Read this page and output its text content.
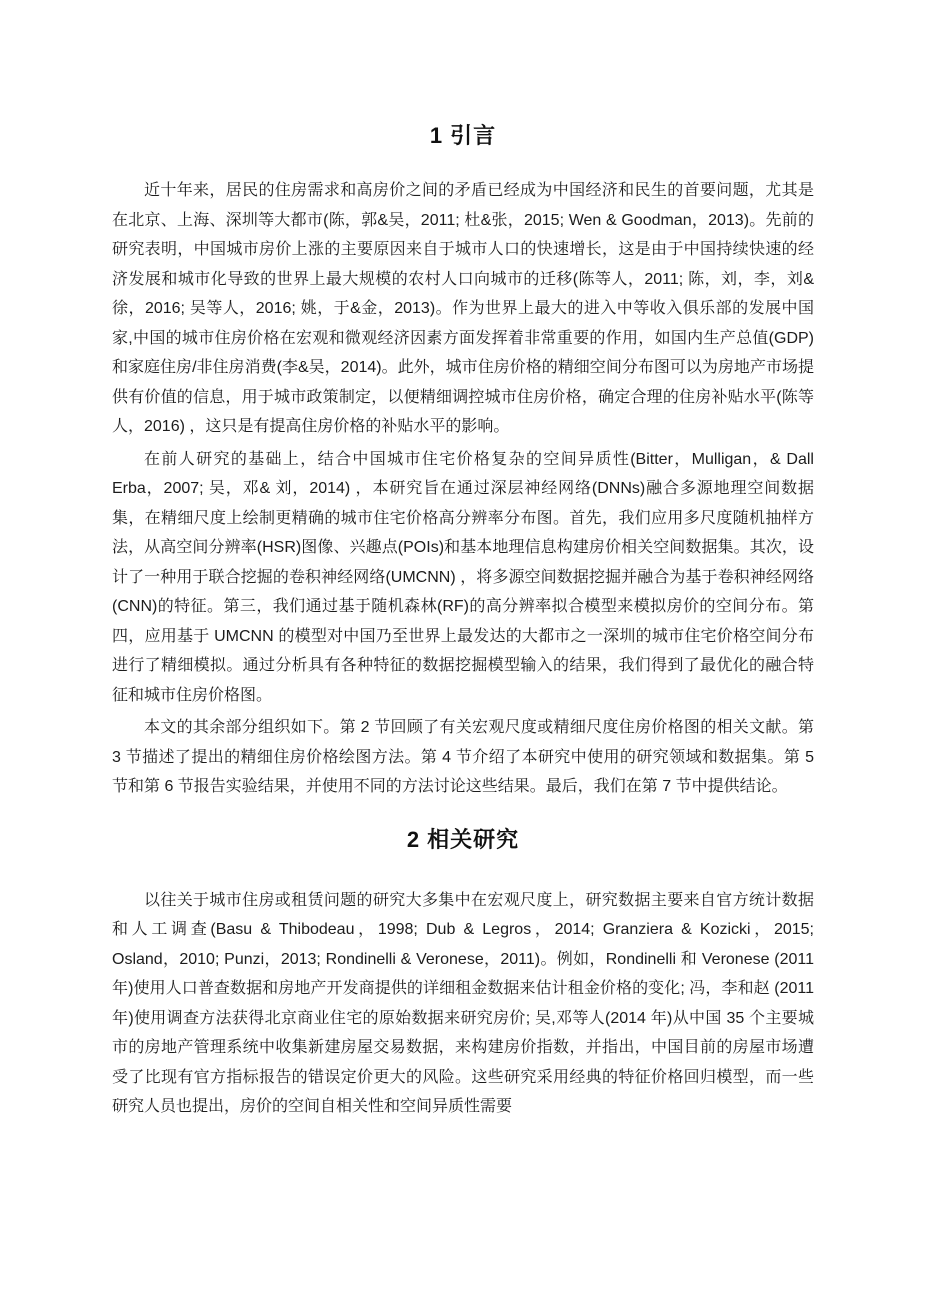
1 引言

近十年来，居民的住房需求和高房价之间的矛盾已经成为中国经济和民生的首要问题，尤其是在北京、上海、深圳等大都市(陈，郭&吴，2011; 杜&张，2015; Wen & Goodman，2013)。先前的研究表明，中国城市房价上涨的主要原因来自于城市人口的快速增长，这是由于中国持续快速的经济发展和城市化导致的世界上最大规模的农村人口向城市的迁移(陈等人，2011; 陈，刘，李，刘&徐，2016; 吴等人，2016; 姚，于&金，2013)。作为世界上最大的进入中等收入俱乐部的发展中国家,中国的城市住房价格在宏观和微观经济因素方面发挥着非常重要的作用，如国内生产总值(GDP)和家庭住房/非住房消费(李&吴，2014)。此外，城市住房价格的精细空间分布图可以为房地产市场提供有价值的信息，用于城市政策制定，以便精细调控城市住房价格，确定合理的住房补贴水平(陈等人，2016) ，这只是有提高住房价格的补贴水平的影响。

在前人研究的基础上，结合中国城市住宅价格复杂的空间异质性(Bitter，Mulligan，& Dall Erba，2007; 吴，邓& 刘，2014) ，本研究旨在通过深层神经网络(DNNs)融合多源地理空间数据集，在精细尺度上绘制更精确的城市住宅价格高分辨率分布图。首先，我们应用多尺度随机抽样方法，从高空间分辨率(HSR)图像、兴趣点(POIs)和基本地理信息构建房价相关空间数据集。其次，设计了一种用于联合挖掘的卷积神经网络(UMCNN) ，将多源空间数据挖掘并融合为基于卷积神经网络(CNN)的特征。第三，我们通过基于随机森林(RF)的高分辨率拟合模型来模拟房价的空间分布。第四，应用基于 UMCNN 的模型对中国乃至世界上最发达的大都市之一深圳的城市住宅价格空间分布进行了精细模拟。通过分析具有各种特征的数据挖掘模型输入的结果，我们得到了最优化的融合特征和城市住房价格图。

本文的其余部分组织如下。第 2 节回顾了有关宏观尺度或精细尺度住房价格图的相关文献。第 3 节描述了提出的精细住房价格绘图方法。第 4 节介绍了本研究中使用的研究领域和数据集。第 5 节和第 6 节报告实验结果，并使用不同的方法讨论这些结果。最后，我们在第 7 节中提供结论。

2 相关研究

以往关于城市住房或租赁问题的研究大多集中在宏观尺度上，研究数据主要来自官方统计数据和人工调查(Basu & Thibodeau，1998; Dub & Legros，2014; Granziera & Kozicki，2015; Osland，2010; Punzi，2013; Rondinelli & Veronese，2011)。例如，Rondinelli 和 Veronese (2011年)使用人口普查数据和房地产开发商提供的详细租金数据来估计租金价格的变化; 冯，李和赵 (2011年)使用调查方法获得北京商业住宅的原始数据来研究房价; 吴,邓等人(2014 年)从中国 35 个主要城市的房地产管理系统中收集新建房屋交易数据，来构建房价指数，并指出，中国目前的房屋市场遭受了比现有官方指标报告的错误定价更大的风险。这些研究采用经典的特征价格回归模型，而一些研究人员也提出，房价的空间自相关性和空间异质性需要
